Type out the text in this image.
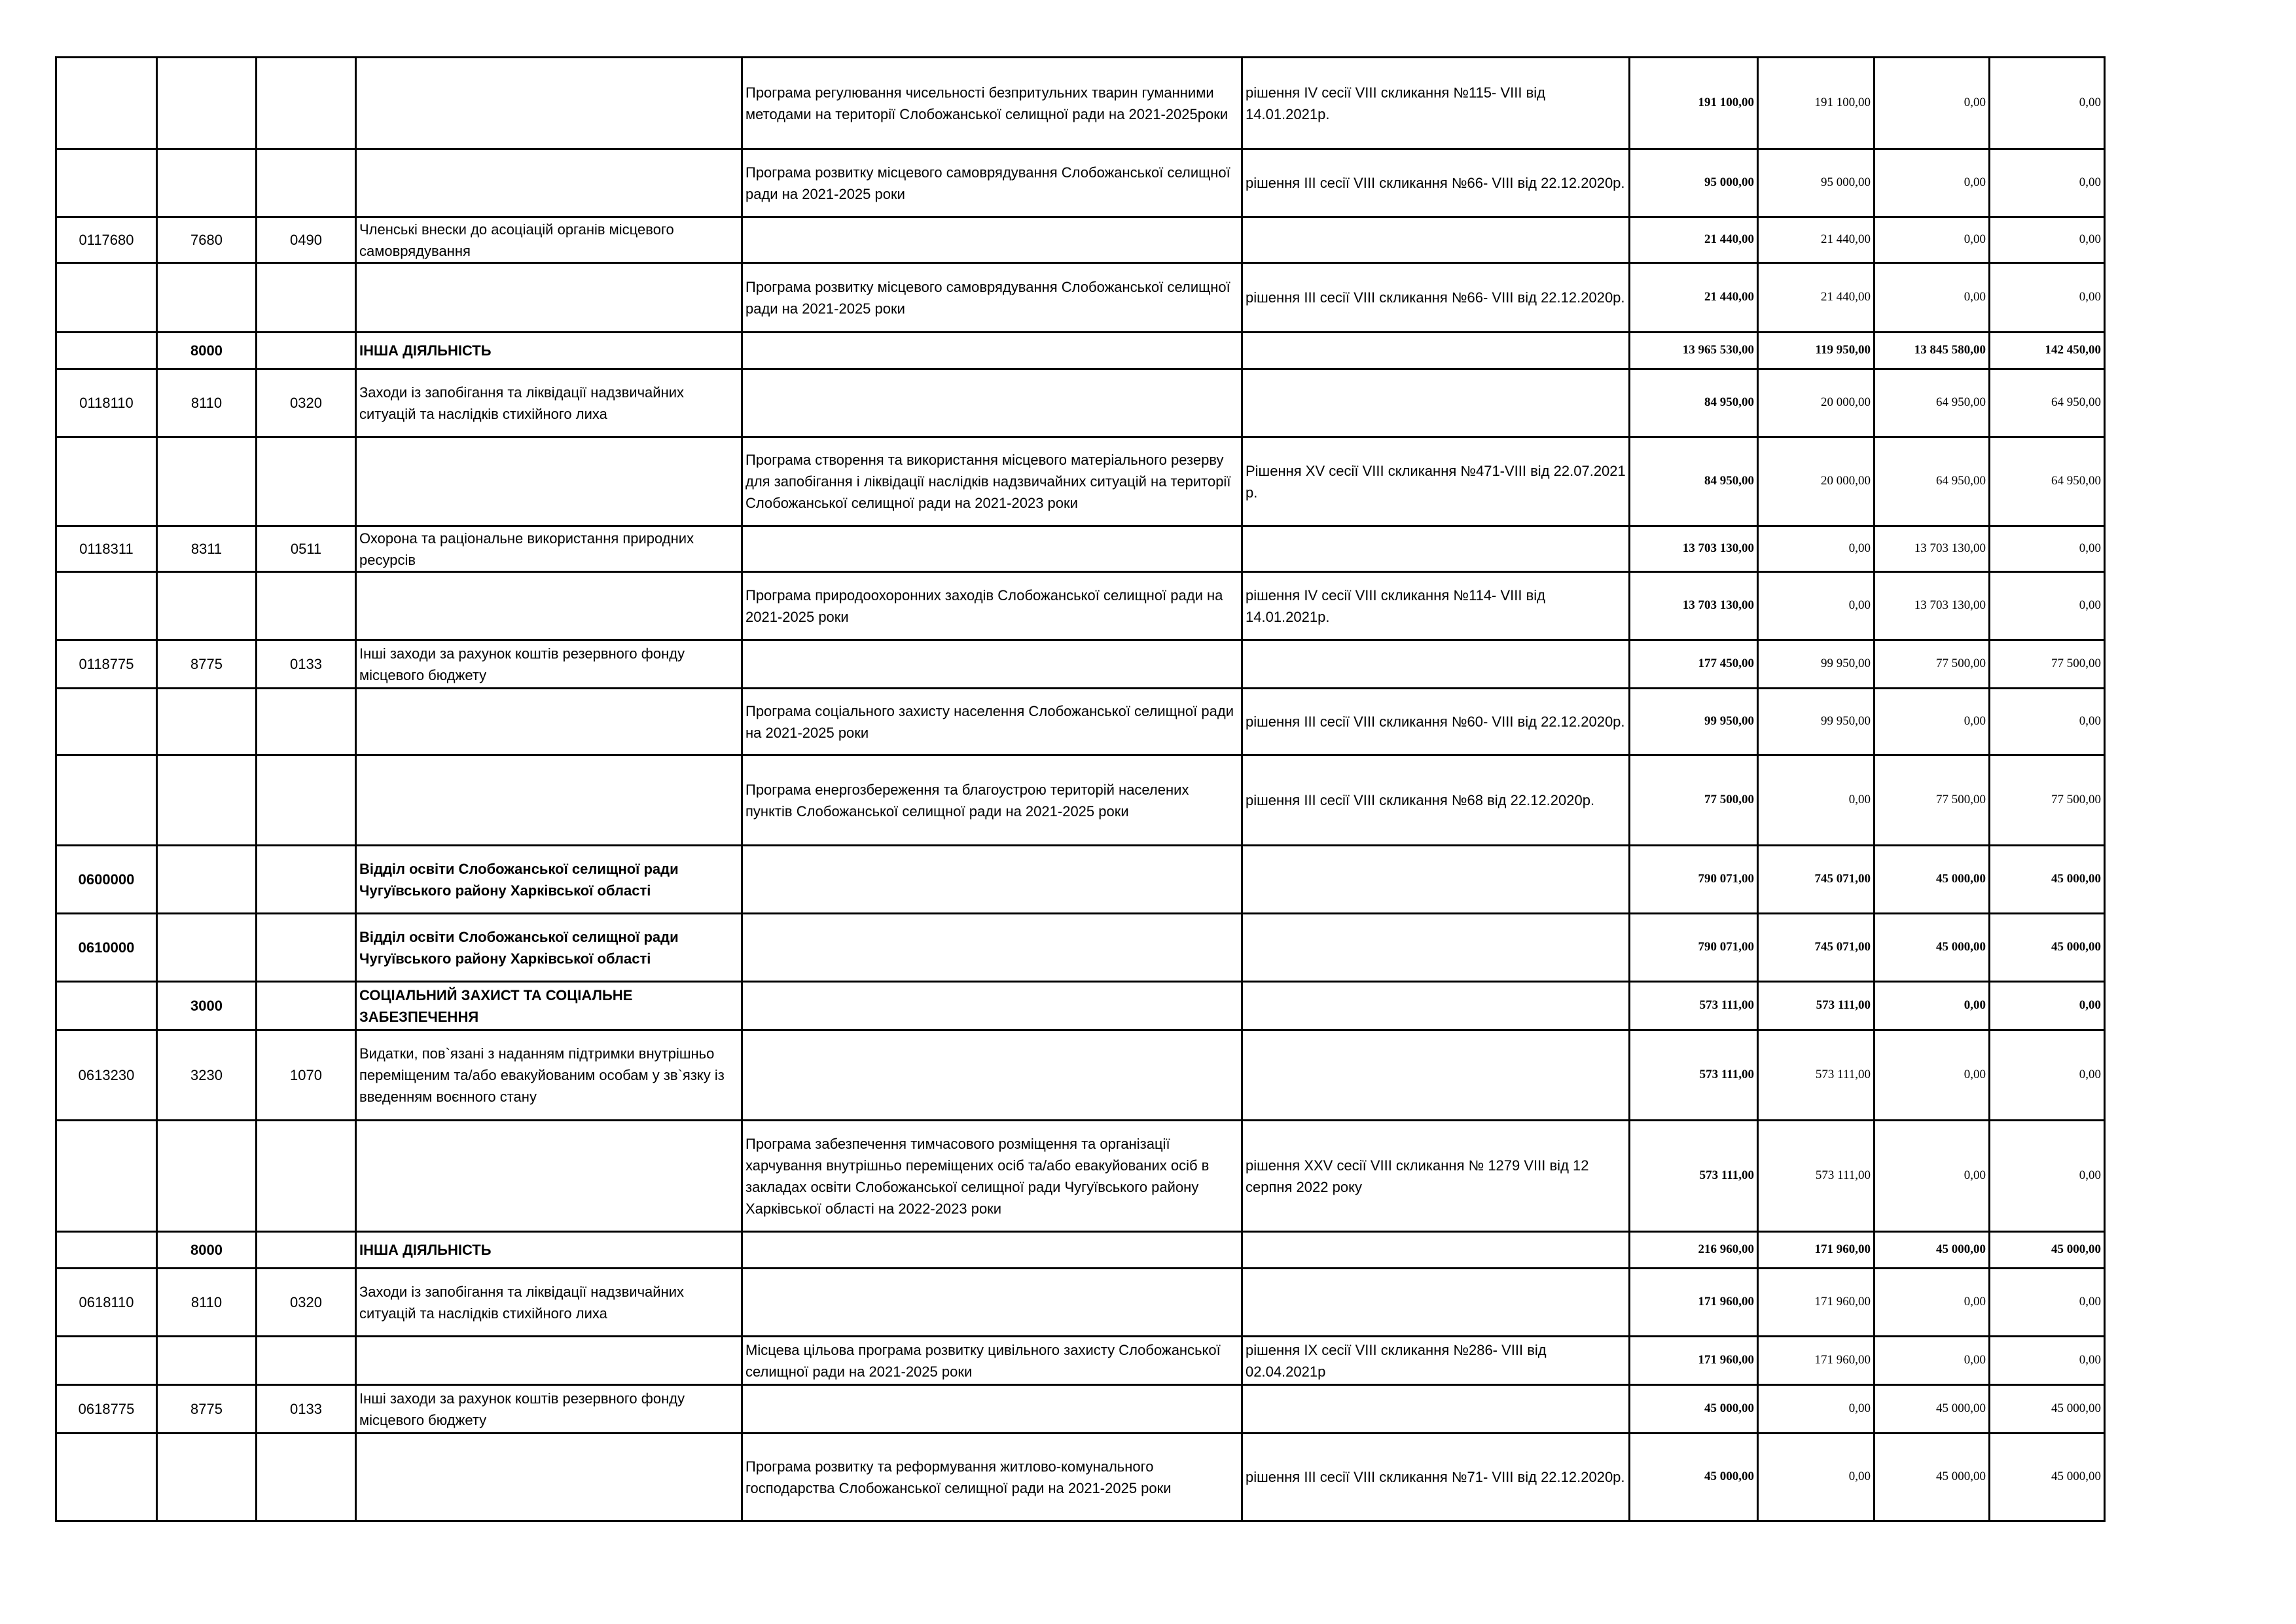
				Програма регулювання чисельності безпритульних тварин гуманними методами на території Слобожанської селищної ради на 2021-2025роки	рішення IV сесії VIII скликання №115- VIII від 14.01.2021р.	191 100,00	191 100,00	0,00	0,00
				Програма розвитку місцевого самоврядування Слобожанської селищної ради на 2021-2025 роки	рішення ІІІ сесії VIII скликання №66- VIII від 22.12.2020р.	95 000,00	95 000,00	0,00	0,00
0117680	7680	0490	Членські внески до асоціацій органів місцевого самоврядування			21 440,00	21 440,00	0,00	0,00
				Програма розвитку місцевого самоврядування Слобожанської селищної ради на 2021-2025 роки	рішення ІІІ сесії VIII скликання №66- VIII від 22.12.2020р.	21 440,00	21 440,00	0,00	0,00
	8000		ІНША ДІЯЛЬНІСТЬ			13 965 530,00	119 950,00	13 845 580,00	142 450,00
0118110	8110	0320	Заходи із запобігання та ліквідації надзвичайних ситуацій та наслідків стихійного лиха			84 950,00	20 000,00	64 950,00	64 950,00
				Програма створення та використання місцевого матеріального резерву для запобігання і ліквідації наслідків надзвичайних ситуацій на території Слобожанської селищної ради на 2021-2023 роки	Рішення XV сесії VIII скликання №471-VIII від 22.07.2021 р.	84 950,00	20 000,00	64 950,00	64 950,00
0118311	8311	0511	Охорона та раціональне використання природних ресурсів			13 703 130,00	0,00	13 703 130,00	0,00
				Програма природоохоронних заходів Слобожанської селищної ради на 2021-2025 роки	рішення IV сесії VIII скликання №114- VIII від 14.01.2021р.	13 703 130,00	0,00	13 703 130,00	0,00
0118775	8775	0133	Інші заходи за рахунок коштів резервного фонду місцевого бюджету			177 450,00	99 950,00	77 500,00	77 500,00
				Програма соціального захисту населення Слобожанської селищної ради на 2021-2025 роки	рішення ІІІ сесії VIII скликання №60- VIII від 22.12.2020р.	99 950,00	99 950,00	0,00	0,00
				Програма енергозбереження та благоустрою територій населених пунктів Слобожанської селищної ради на 2021-2025 роки	рішення ІІІ сесії VIII скликання №68 від 22.12.2020р.	77 500,00	0,00	77 500,00	77 500,00
0600000			Відділ освіти Слобожанської селищної ради Чугуївського району Харківської області			790 071,00	745 071,00	45 000,00	45 000,00
0610000			Відділ освіти Слобожанської селищної ради Чугуївського району Харківської області			790 071,00	745 071,00	45 000,00	45 000,00
	3000		СОЦІАЛЬНИЙ ЗАХИСТ ТА СОЦІАЛЬНЕ ЗАБЕЗПЕЧЕННЯ			573 111,00	573 111,00	0,00	0,00
0613230	3230	1070	Видатки, пов`язані з наданням підтримки внутрішньо переміщеним та/або евакуйованим особам у зв`язку із введенням воєнного стану			573 111,00	573 111,00	0,00	0,00
				Програма забезпечення тимчасового розміщення та організації харчування внутрішньо переміщених осіб та/або евакуйованих осіб в закладах освіти Слобожанської селищної ради Чугуївського району Харківської області на 2022-2023 роки	рішення XXV сесії VIII скликання № 1279 VIII від 12 серпня 2022 року	573 111,00	573 111,00	0,00	0,00
	8000		ІНША ДІЯЛЬНІСТЬ			216 960,00	171 960,00	45 000,00	45 000,00
0618110	8110	0320	Заходи із запобігання та ліквідації надзвичайних ситуацій та наслідків стихійного лиха			171 960,00	171 960,00	0,00	0,00
				Місцева цільова програма розвитку цивільного захисту Слобожанської селищної ради на 2021-2025 роки	рішення IX сесії VIII скликання №286- VIII від 02.04.2021р	171 960,00	171 960,00	0,00	0,00
0618775	8775	0133	Інші заходи за рахунок коштів резервного фонду місцевого бюджету			45 000,00	0,00	45 000,00	45 000,00
				Програма розвитку та реформування житлово-комунального господарства Слобожанської селищної ради на 2021-2025 роки	рішення ІІІ сесії VIII скликання №71- VIII від 22.12.2020р.	45 000,00	0,00	45 000,00	45 000,00
